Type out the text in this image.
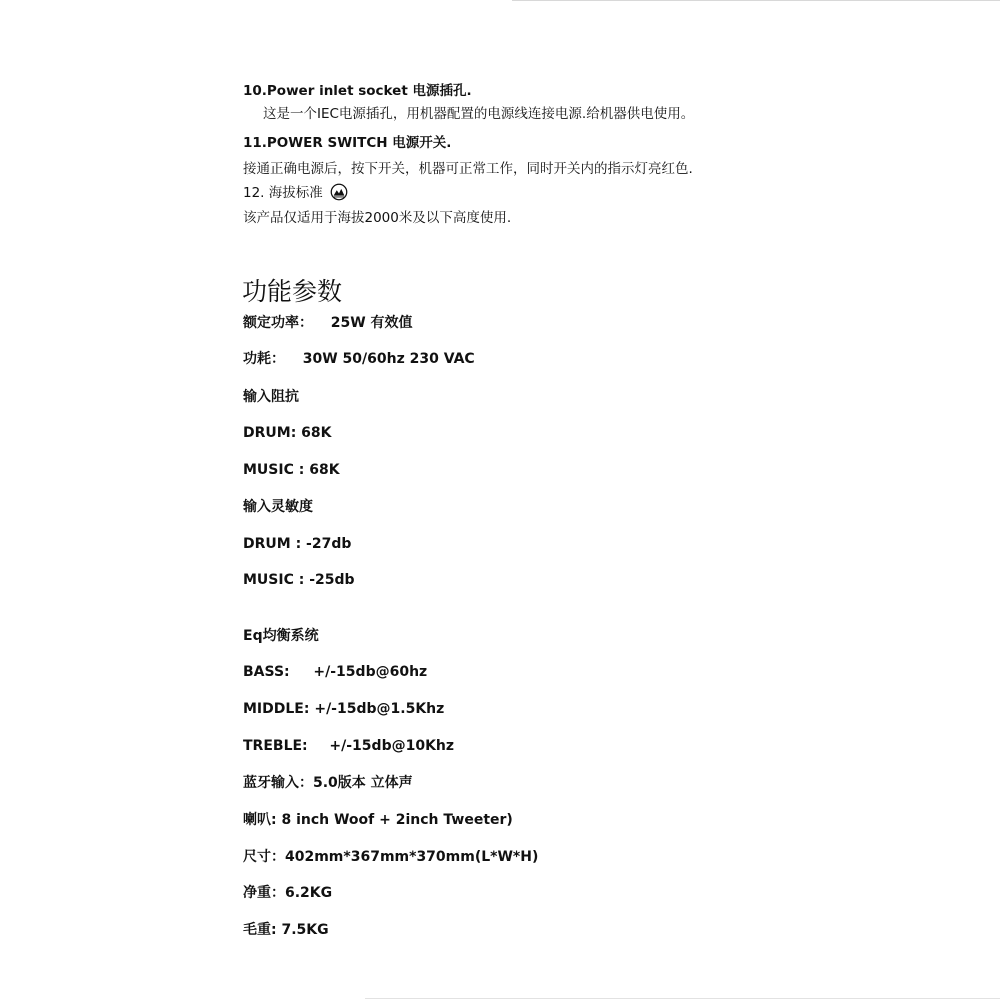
10.Power inlet socket 电源插孔.
这是一个IEC电源插孔，用机器配置的电源线连接电源.给机器供电使用。
11.POWER SWITCH 电源开关.
接通正确电源后，按下开关，机器可正常工作，同时开关内的指示灯亮红色.
12. 海拔标准
该产品仅适用于海拔2000米及以下高度使用.
功能参数
额定功率： 25W 有效值
功耗： 30W 50/60hz 230 VAC
输入阻抗
DRUM: 68K
MUSIC : 68K
输入灵敏度
DRUM : -27db
MUSIC : -25db
Eq均衡系统
BASS: +/-15db@60hz
MIDDLE: +/-15db@1.5Khz
TREBLE: +/-15db@10Khz
蓝牙输入：5.0版本 立体声
喇叭: 8 inch Woof + 2inch Tweeter)
尺寸：402mm*367mm*370mm(L*W*H)
净重：6.2KG
毛重: 7.5KG
